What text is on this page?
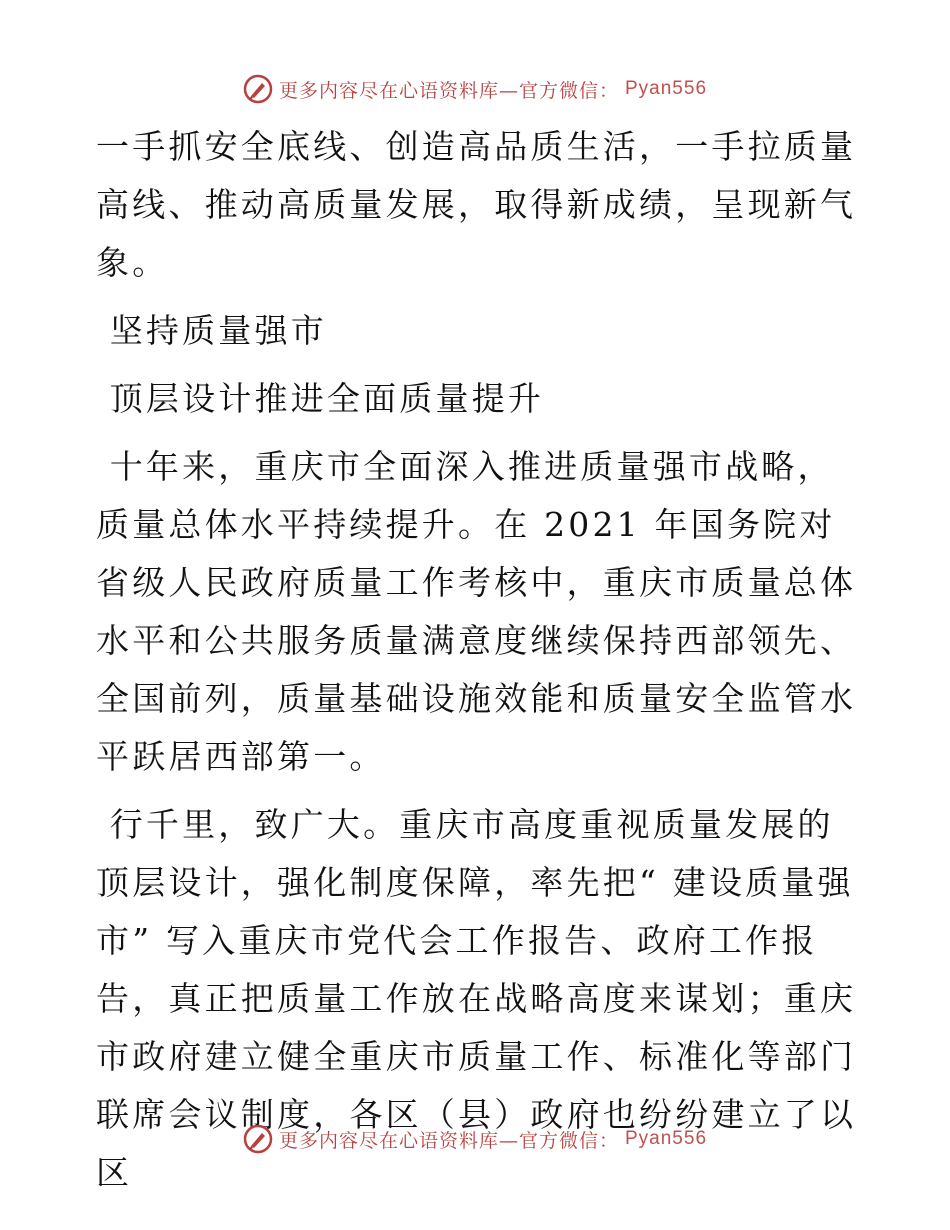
更多内容尽在心语资料库—官方微信： Pyan556

一手抓安全底线、创造高品质生活，一手拉质量高线、推动高质量发展，取得新成绩，呈现新气象。

坚持质量强市

顶层设计推进全面质量提升

十年来，重庆市全面深入推进质量强市战略，质量总体水平持续提升。在 2021 年国务院对省级人民政府质量工作考核中，重庆市质量总体水平和公共服务质量满意度继续保持西部领先、全国前列，质量基础设施效能和质量安全监管水平跃居西部第一。

行千里，致广大。重庆市高度重视质量发展的顶层设计，强化制度保障，率先把“ 建设质量强市” 写入重庆市党代会工作报告、政府工作报告，真正把质量工作放在战略高度来谋划；重庆市政府建立健全重庆市质量工作、标准化等部门联席会议制度，各区（县）政府也纷纷建立了以区

更多内容尽在心语资料库—官方微信： Pyan556
